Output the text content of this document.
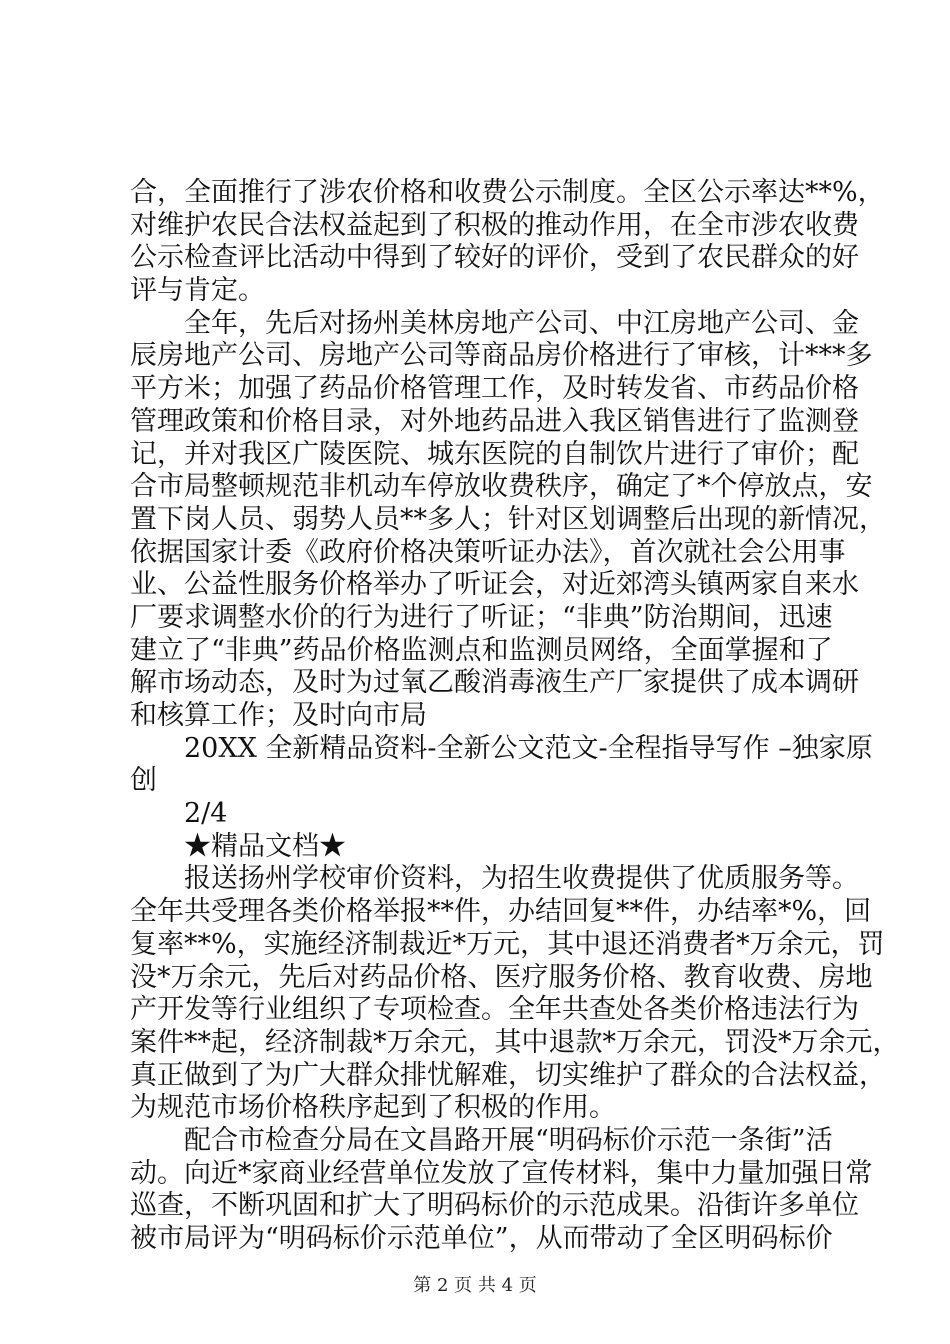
合，全面推行了涉农价格和收费公示制度。全区公示率达**%，
对维护农民合法权益起到了积极的推动作用，在全市涉农收费
公示检查评比活动中得到了较好的评价，受到了农民群众的好
评与肯定。
全年，先后对扬州美林房地产公司、中江房地产公司、金
辰房地产公司、房地产公司等商品房价格进行了审核，计***多
平方米；加强了药品价格管理工作，及时转发省、市药品价格
管理政策和价格目录，对外地药品进入我区销售进行了监测登
记，并对我区广陵医院、城东医院的自制饮片进行了审价；配
合市局整顿规范非机动车停放收费秩序，确定了*个停放点，安
置下岗人员、弱势人员**多人；针对区划调整后出现的新情况，
依据国家计委《政府价格决策听证办法》，首次就社会公用事
业、公益性服务价格举办了听证会，对近郊湾头镇两家自来水
厂要求调整水价的行为进行了听证；“非典”防治期间，迅速
建立了“非典”药品价格监测点和监测员网络，全面掌握和了
解市场动态，及时为过氧乙酸消毒液生产厂家提供了成本调研
和核算工作；及时向市局
20XX 全新精品资料-全新公文范文-全程指导写作 –独家原
创
2/4
★精品文档★
报送扬州学校审价资料，为招生收费提供了优质服务等。
全年共受理各类价格举报**件，办结回复**件，办结率*%，回
复率**%，实施经济制裁近*万元，其中退还消费者*万余元，罚
没*万余元，先后对药品价格、医疗服务价格、教育收费、房地
产开发等行业组织了专项检查。全年共查处各类价格违法行为
案件**起，经济制裁*万余元，其中退款*万余元，罚没*万余元，
真正做到了为广大群众排忧解难，切实维护了群众的合法权益，
为规范市场价格秩序起到了积极的作用。
配合市检查分局在文昌路开展“明码标价示范一条街”活
动。向近*家商业经营单位发放了宣传材料，集中力量加强日常
巡查，不断巩固和扩大了明码标价的示范成果。沿街许多单位
被市局评为“明码标价示范单位”，从而带动了全区明码标价
第 2 页 共 4 页
